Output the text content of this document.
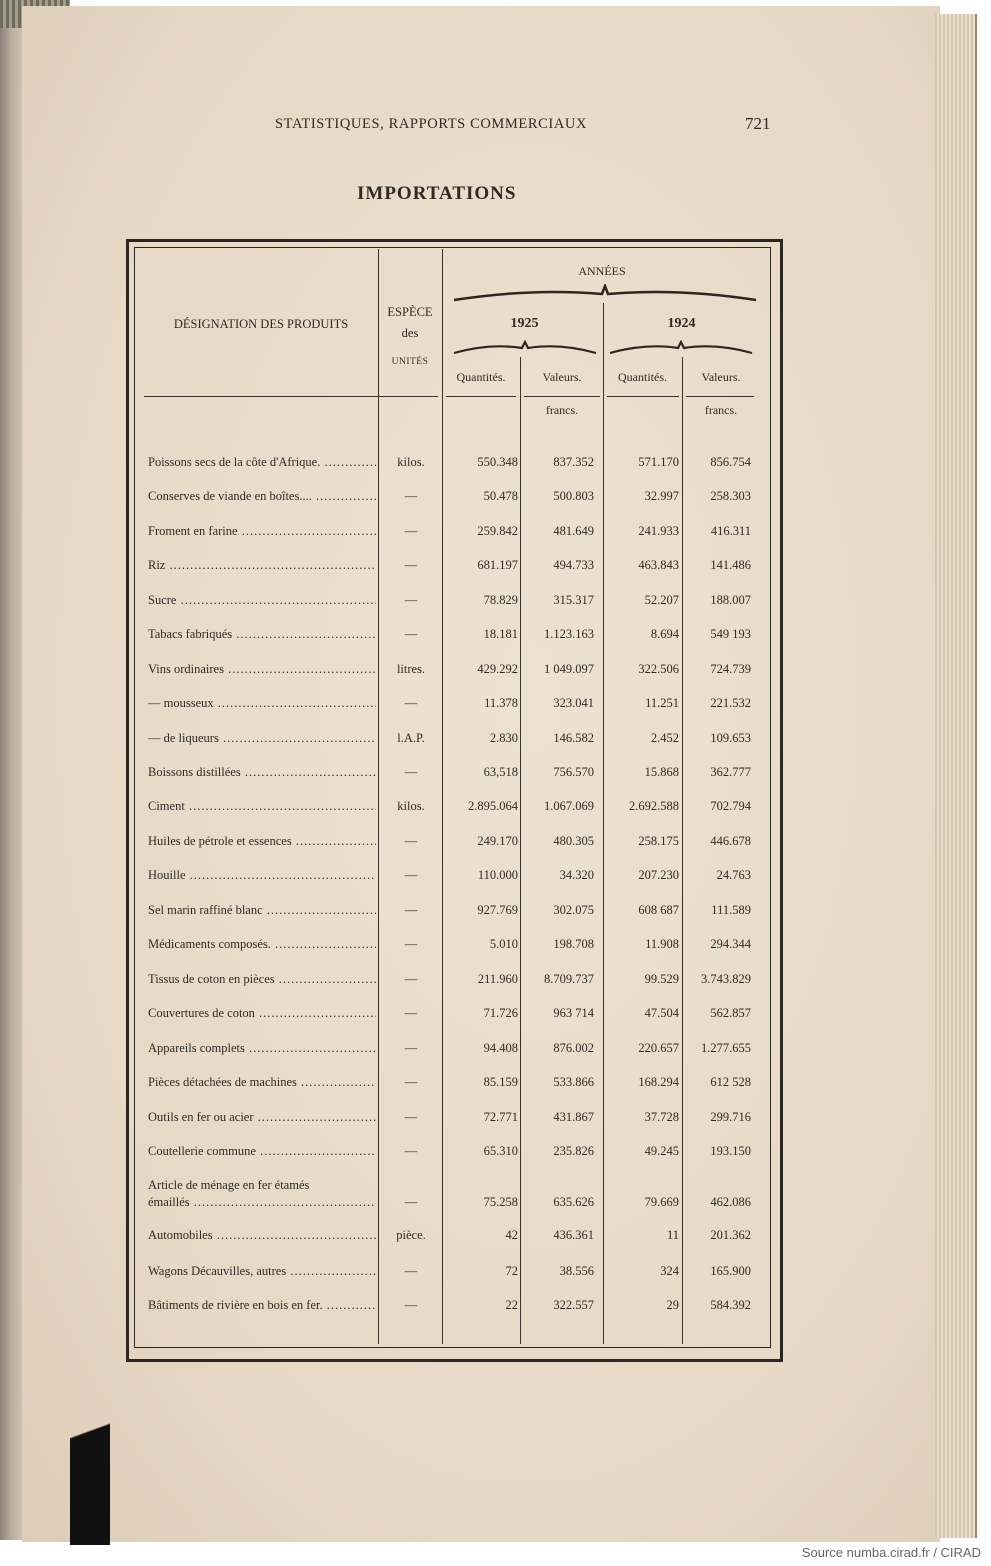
STATISTIQUES, RAPPORTS COMMERCIAUX	721
IMPORTATIONS
DÉSIGNATION DES PRODUITS
ESPÈCE
des
UNITÉS
ANNÉES
1925	1924
Quantités.	Valeurs.	Quantités.	Valeurs.
francs.	francs.
Poissons secs de la côte d'Afrique. .....	kilos.	550.348	837.352	571.170	856.754
Conserves de viande en boîtes.... .....	—	50.478	500.803	32.997	258.303
Froment en farine .....	—	259.842	481.649	241.933	416.311
Riz .....	—	681.197	494.733	463.843	141.486
Sucre .....	—	78.829	315.317	52.207	188.007
Tabacs fabriqués .....	—	18.181	1.123.163	8.694	549 193
Vins ordinaires .....	litres.	429.292	1 049.097	322.506	724.739
— mousseux .....	—	11.378	323.041	11.251	221.532
— de liqueurs .....	l.A.P.	2.830	146.582	2.452	109.653
Boissons distillées .....	—	63,518	756.570	15.868	362.777
Ciment .....	kilos.	2.895.064	1.067.069	2.692.588	702.794
Huiles de pétrole et essences .....	—	249.170	480.305	258.175	446.678
Houille .....	—	110.000	34.320	207.230	24.763
Sel marin raffiné blanc .....	—	927.769	302.075	608 687	111.589
Médicaments composés. .....	—	5.010	198.708	11.908	294.344
Tissus de coton en pièces .....	—	211.960	8.709.737	99.529	3.743.829
Couvertures de coton .....	—	71.726	963 714	47.504	562.857
Appareils complets .....	—	94.408	876.002	220.657	1.277.655
Pièces détachées de machines .....	—	85.159	533.866	168.294	612 528
Outils en fer ou acier .....	—	72.771	431.867	37.728	299.716
Coutellerie commune .....	—	65.310	235.826	49.245	193.150
Article de ménage en fer étamés
émaillés .....	—	75.258	635.626	79.669	462.086
Automobiles .....	pièce.	42	436.361	11	201.362
Wagons Décauvilles, autres .....	—	72	38.556	324	165.900
Bâtiments de rivière en bois en fer. .....	—	22	322.557	29	584.392
Source numba.cirad.fr / CIRAD
